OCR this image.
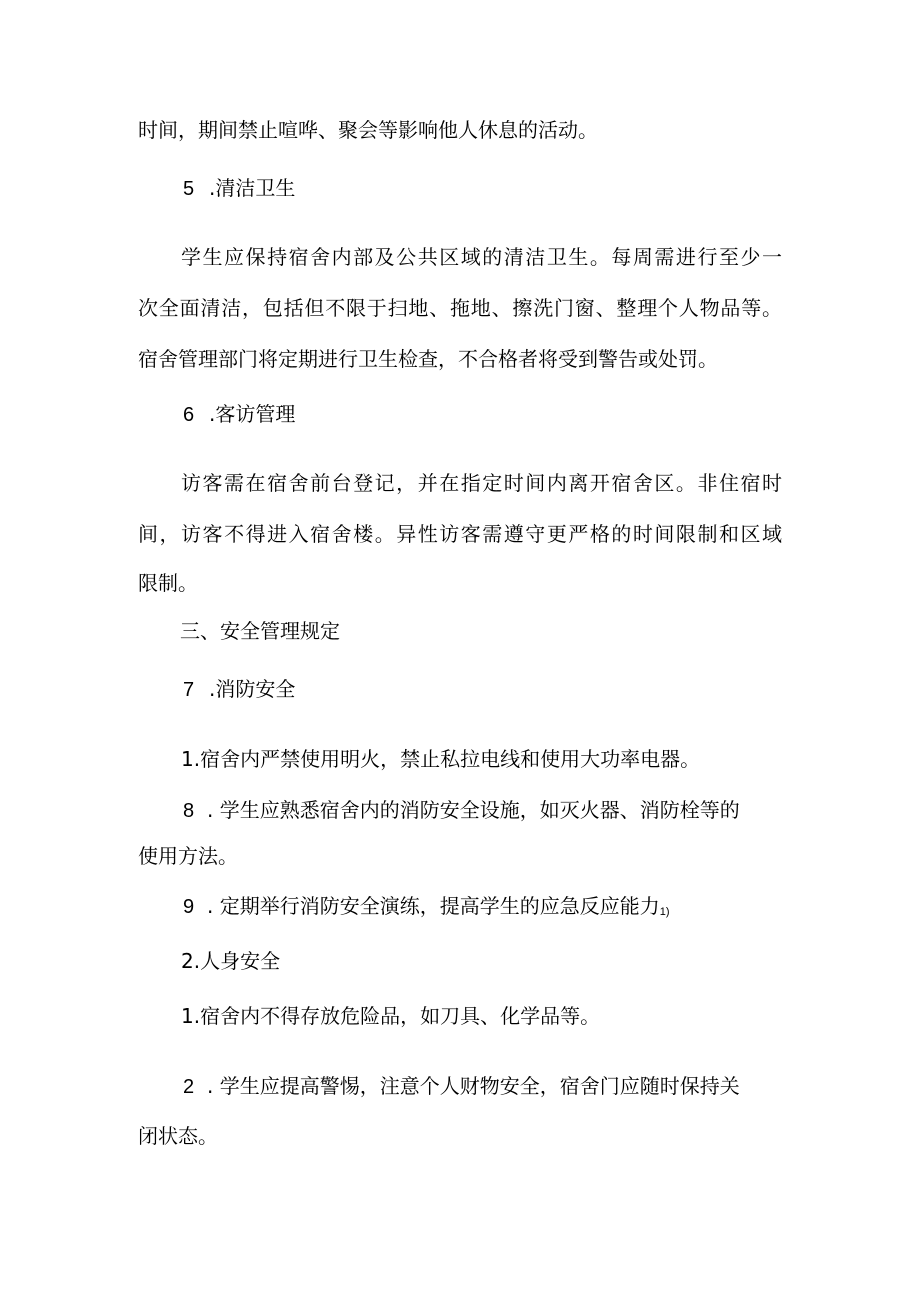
时间，期间禁止喧哗、聚会等影响他人休息的活动。
5 .清洁卫生
学生应保持宿舍内部及公共区域的清洁卫生。每周需进行至少一
次全面清洁，包括但不限于扫地、拖地、擦洗门窗、整理个人物品等。
宿舍管理部门将定期进行卫生检查，不合格者将受到警告或处罚。
6 .客访管理
访客需在宿舍前台登记，并在指定时间内离开宿舍区。非住宿时
间，访客不得进入宿舍楼。异性访客需遵守更严格的时间限制和区域
限制。
三、安全管理规定
7 .消防安全
1.宿舍内严禁使用明火，禁止私拉电线和使用大功率电器。
8 . 学生应熟悉宿舍内的消防安全设施，如灭火器、消防栓等的
使用方法。
9 . 定期举行消防安全演练，提高学生的应急反应能力1)
2.人身安全
1.宿舍内不得存放危险品，如刀具、化学品等。
2 . 学生应提高警惕，注意个人财物安全，宿舍门应随时保持关
闭状态。
